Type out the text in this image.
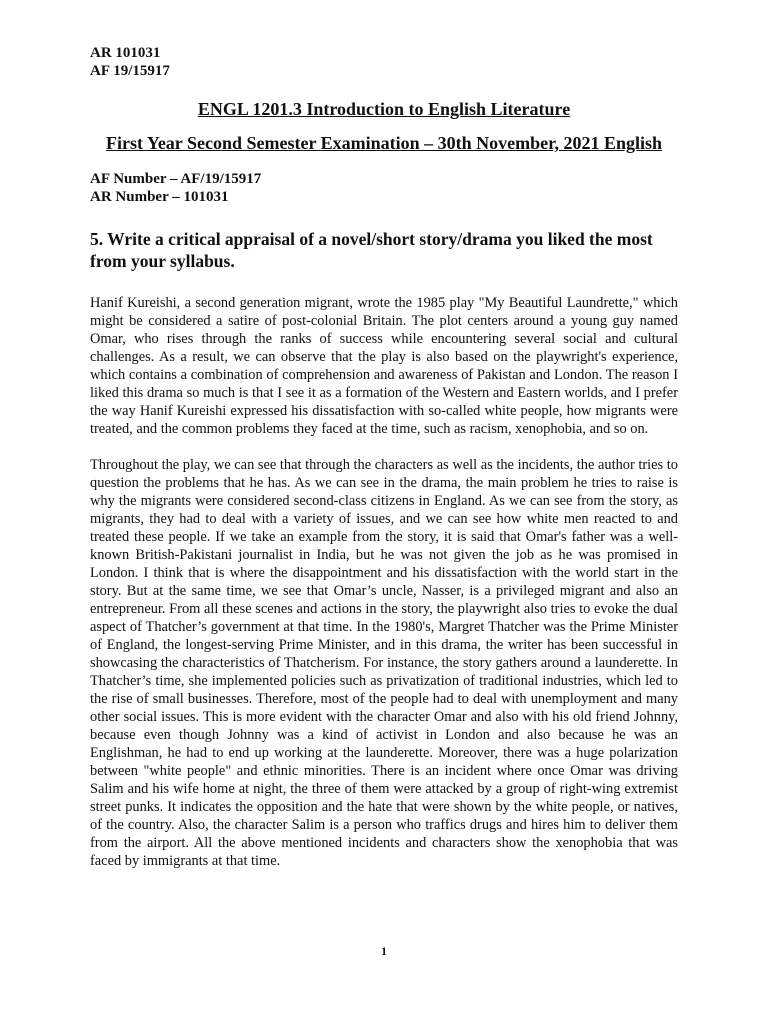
AR 101031
AF 19/15917
ENGL 1201.3 Introduction to English Literature
First Year Second Semester Examination – 30th November, 2021 English
AF Number – AF/19/15917
AR Number – 101031
5. Write a critical appraisal of a novel/short story/drama you liked the most from your syllabus.

Hanif Kureishi, a second generation migrant, wrote the 1985 play "My Beautiful Laundrette," which might be considered a satire of post-colonial Britain. The plot centers around a young guy named Omar, who rises through the ranks of success while encountering several social and cultural challenges. As a result, we can observe that the play is also based on the playwright's experience, which contains a combination of comprehension and awareness of Pakistan and London. The reason I liked this drama so much is that I see it as a formation of the Western and Eastern worlds, and I prefer the way Hanif Kureishi expressed his dissatisfaction with so-called white people, how migrants were treated, and the common problems they faced at the time, such as racism, xenophobia, and so on.

Throughout the play, we can see that through the characters as well as the incidents, the author tries to question the problems that he has. As we can see in the drama, the main problem he tries to raise is why the migrants were considered second-class citizens in England. As we can see from the story, as migrants, they had to deal with a variety of issues, and we can see how white men reacted to and treated these people. If we take an example from the story, it is said that Omar's father was a well-known British-Pakistani journalist in India, but he was not given the job as he was promised in London. I think that is where the disappointment and his dissatisfaction with the world start in the story. But at the same time, we see that Omar’s uncle, Nasser, is a privileged migrant and also an entrepreneur. From all these scenes and actions in the story, the playwright also tries to evoke the dual aspect of Thatcher’s government at that time. In the 1980's, Margret Thatcher was the Prime Minister of England, the longest-serving Prime Minister, and in this drama, the writer has been successful in showcasing the characteristics of Thatcherism. For instance, the story gathers around a launderette. In Thatcher’s time, she implemented policies such as privatization of traditional industries, which led to the rise of small businesses. Therefore, most of the people had to deal with unemployment and many other social issues. This is more evident with the character Omar and also with his old friend Johnny, because even though Johnny was a kind of activist in London and also because he was an Englishman, he had to end up working at the launderette. Moreover, there was a huge polarization between "white people" and ethnic minorities. There is an incident where once Omar was driving Salim and his wife home at night, the three of them were attacked by a group of right-wing extremist street punks. It indicates the opposition and the hate that were shown by the white people, or natives, of the country. Also, the character Salim is a person who traffics drugs and hires him to deliver them from the airport. All the above mentioned incidents and characters show the xenophobia that was faced by immigrants at that time.

1
